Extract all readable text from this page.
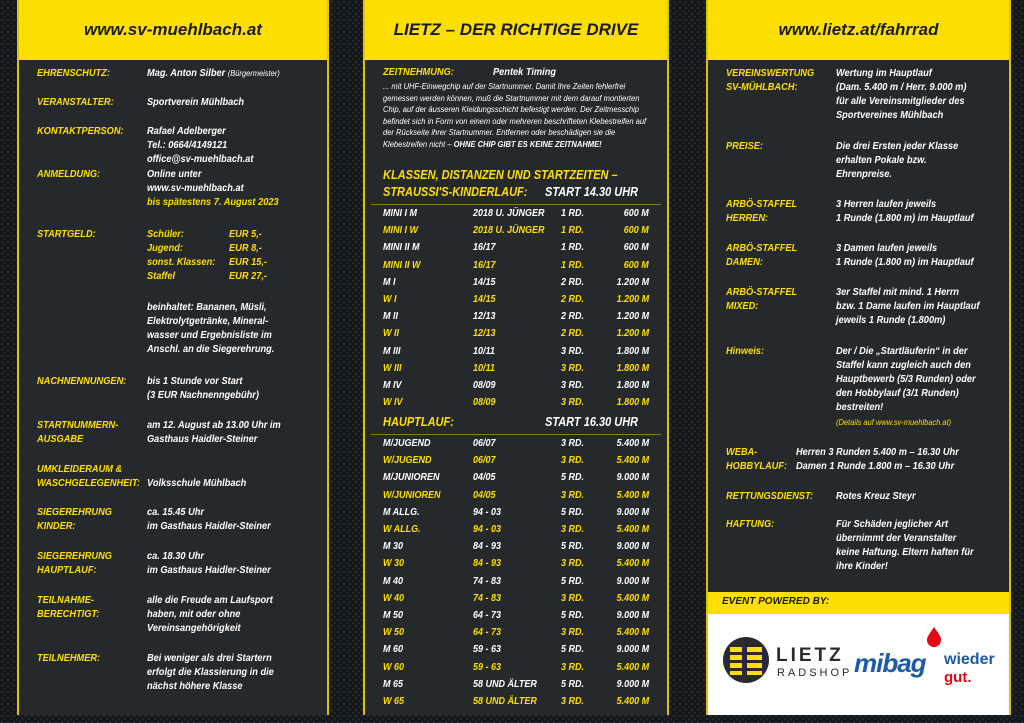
www.sv-muehlbach.at
EHRENSCHUTZ:	Mag. Anton Silber (Bürgermeister)
VERANSTALTER:	Sportverein Mühlbach
KONTAKTPERSON: Rafael Adelberger
Tel.: 0664/4149121
office@sv-muehlbach.at
ANMELDUNG:	Online unter
www.sv-muehlbach.at
bis spätestens 7. August 2023
STARTGELD:	Schüler:	EUR 5,-
Jugend:	EUR 8,-
sonst. Klassen: EUR 15,-
Staffel	EUR 27,-
beinhaltet: Bananen, Müsli,
Elektrolytgetränke, Mineral-
wasser und Ergebnisliste im
Anschl. an die Siegerehrung.
NACHNENNUNGEN: bis 1 Stunde vor Start
(3 EUR Nachnenngebühr)
STARTNUMMERN-
AUSGABE
am 12. August ab 13.00 Uhr im
Gasthaus Haidler-Steiner
UMKLEIDERAUM &
WASCHGELEGENHEIT: Volksschule Mühlbach
SIEGEREHRUNG
KINDER:
ca. 15.45 Uhr
im Gasthaus Haidler-Steiner
SIEGEREHRUNG
HAUPTLAUF:
ca. 18.30 Uhr
im Gasthaus Haidler-Steiner
TEILNAHME-
BERECHTIGT:
alle die Freude am Laufsport
haben, mit oder ohne
Vereinsangehörigkeit
TEILNEHMER:	Bei weniger als drei Startern
erfolgt die Klassierung in die
nächst höhere Klasse
LIETZ – DER RICHTIGE DRIVE
ZEITNEHMUNG:	Pentek Timing
... mit UHF-Einwegchip auf der Startnummer. Damit Ihre Zeiten fehlerfrei gemessen werden können, muß die Startnummer mit dem darauf montierten Chip, auf der äusseren Kleidungsschicht befestigt werden. Der Zeitmesschip befindet sich in Form von einem oder mehreren beschrifteten Klebestreifen auf der Rückseite ihrer Startnummer. Entfernen oder beschädigen sie die Klebestreifen nicht – OHNE CHIP GIBT ES KEINE ZEITNAHME!
KLASSEN, DISTANZEN UND STARTZEITEN –
STRAUSSI'S-KINDERLAUF: START 14.30 UHR
MINI I M	2018 U. JÜNGER 1 RD.	600 M
MINI I W	2018 U. JÜNGER 1 RD.	600 M
MINI II M	16/17	1 RD.	600 M
MINI II W	16/17	1 RD.	600 M
M I	14/15	2 RD.	1.200 M
W I	14/15	2 RD.	1.200 M
M II	12/13	2 RD.	1.200 M
W II	12/13	2 RD.	1.200 M
M III	10/11	3 RD.	1.800 M
W III	10/11	3 RD.	1.800 M
M IV	08/09	3 RD.	1.800 M
W IV	08/09	3 RD.	1.800 M
HAUPTLAUF:	START 16.30 UHR
M/JUGEND	06/07	3 RD.	5.400 M
W/JUGEND	06/07	3 RD.	5.400 M
M/JUNIOREN	04/05	5 RD.	9.000 M
W/JUNIOREN	04/05	3 RD.	5.400 M
M ALLG.	94 - 03	5 RD.	9.000 M
W ALLG.	94 - 03	3 RD.	5.400 M
M 30	84 - 93	5 RD.	9.000 M
W 30	84 - 93	3 RD.	5.400 M
M 40	74 - 83	5 RD.	9.000 M
W 40	74 - 83	3 RD.	5.400 M
M 50	64 - 73	5 RD.	9.000 M
W 50	64 - 73	3 RD.	5.400 M
M 60	59 - 63	5 RD.	9.000 M
W 60	59 - 63	3 RD.	5.400 M
M 65	58 UND ÄLTER 5 RD.	9.000 M
W 65	58 UND ÄLTER 3 RD.	5.400 M
www.lietz.at/fahrrad
VEREINSWERTUNG
SV-MÜHLBACH:
Wertung im Hauptlauf
(Dam. 5.400 m / Herr. 9.000 m)
für alle Vereinsmitglieder des
Sportvereines Mühlbach
PREISE:	Die drei Ersten jeder Klasse
erhalten Pokale bzw.
Ehrenpreise.
ARBÖ-STAFFEL
HERREN:
3 Herren laufen jeweils
1 Runde (1.800 m) im Hauptlauf
ARBÖ-STAFFEL
DAMEN:
3 Damen laufen jeweils
1 Runde (1.800 m) im Hauptlauf
ARBÖ-STAFFEL
MIXED:
3er Staffel mit mind. 1 Herrn
bzw. 1 Dame laufen im Hauptlauf
jeweils 1 Runde (1.800m)
Hinweis:	Der / Die „Startläuferin“ in der
Staffel kann zugleich auch den
Hauptbewerb (5/3 Runden) oder
den Hobbylauf (3/1 Runden)
bestreiten!
(Details auf www.sv-muehlbach.at)
WEBA-
HOBBYLAUF:
Herren 3 Runden 5.400 m – 16.30 Uhr
Damen 1 Runde 1.800 m – 16.30 Uhr
RETTUNGSDIENST: Rotes Kreuz Steyr
HAFTUNG:	Für Schäden jeglicher Art
übernimmt der Veranstalter
keine Haftung. Eltern haften für
ihre Kinder!
EVENT POWERED BY:
LIETZ
RADSHOP mibag wieder
gut.
